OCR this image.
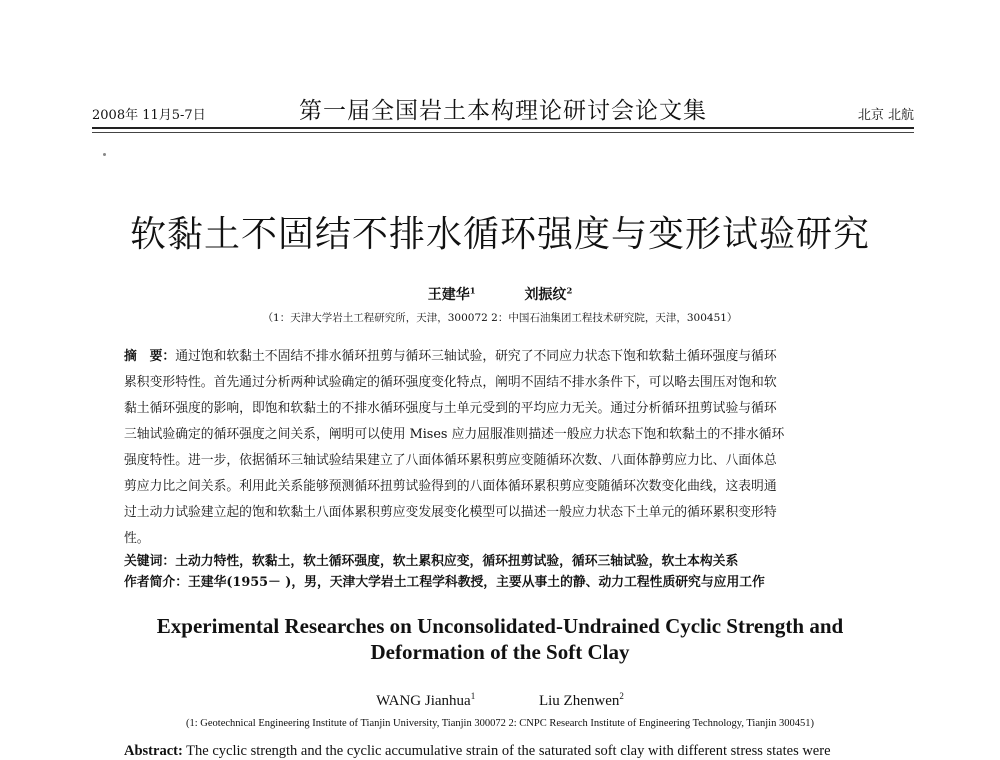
2008年 11月5-7日	第一届全国岩土本构理论研讨会论文集	北京 北航
软黏土不固结不排水循环强度与变形试验研究
王建华$^1$	刘振纹$^2$
（1：天津大学岩土工程研究所，天津，300072 2：中国石油集团工程技术研究院，天津，300451）
摘　要：通过饱和软黏土不固结不排水循环扭剪与循环三轴试验，研究了不同应力状态下饱和软黏土循环强度与循环
累积变形特性。首先通过分析两种试验确定的循环强度变化特点，阐明不固结不排水条件下，可以略去围压对饱和软
黏土循环强度的影响，即饱和软黏土的不排水循环强度与土单元受到的平均应力无关。通过分析循环扭剪试验与循环
三轴试验确定的循环强度之间关系，阐明可以使用 Mises 应力屈服准则描述一般应力状态下饱和软黏土的不排水循环
强度特性。进一步，依据循环三轴试验结果建立了八面体循环累积剪应变随循环次数、八面体静剪应力比、八面体总
剪应力比之间关系。利用此关系能够预测循环扭剪试验得到的八面体循环累积剪应变随循环次数变化曲线，这表明通
过土动力试验建立起的饱和软黏土八面体累积剪应变发展变化模型可以描述一般应力状态下土单元的循环累积变形特
性。
关键词：土动力特性，软黏土，软土循环强度，软土累积应变，循环扭剪试验，循环三轴试验，软土本构关系
作者简介：王建华(1955－ )，男，天津大学岩土工程学科教授，主要从事土的静、动力工程性质研究与应用工作
Experimental Researches on Unconsolidated-Undrained Cyclic Strength and
Deformation of the Soft Clay
WANG Jianhua$^1$	Liu Zhenwen$^2$
(1: Geotechnical Engineering Institute of Tianjin University, Tianjin 300072 2: CNPC Research Institute of Engineering Technology, Tianjin 300451)
Abstract: The cyclic strength and the cyclic accumulative strain of the saturated soft clay with different stress states were
